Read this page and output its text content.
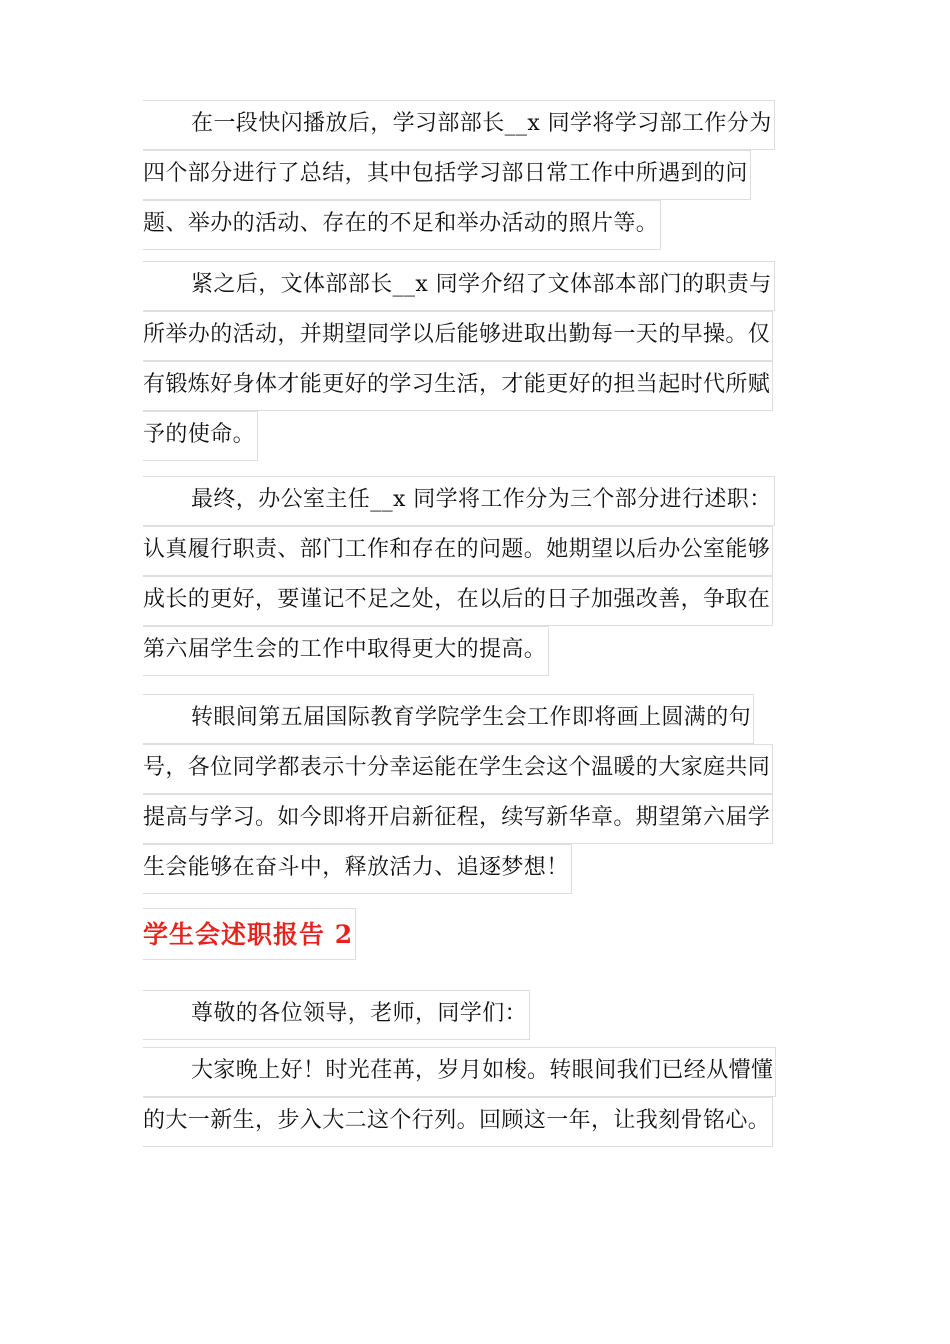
在一段快闪播放后，学习部部长__x 同学将学习部工作分为
四个部分进行了总结，其中包括学习部日常工作中所遇到的问
题、举办的活动、存在的不足和举办活动的照片等。
紧之后，文体部部长__x 同学介绍了文体部本部门的职责与
所举办的活动，并期望同学以后能够进取出勤每一天的早操。仅
有锻炼好身体才能更好的学习生活，才能更好的担当起时代所赋
予的使命。
最终，办公室主任__x 同学将工作分为三个部分进行述职：
认真履行职责、部门工作和存在的问题。她期望以后办公室能够
成长的更好，要谨记不足之处，在以后的日子加强改善，争取在
第六届学生会的工作中取得更大的提高。
转眼间第五届国际教育学院学生会工作即将画上圆满的句
号，各位同学都表示十分幸运能在学生会这个温暖的大家庭共同
提高与学习。如今即将开启新征程，续写新华章。期望第六届学
生会能够在奋斗中，释放活力、追逐梦想！
学生会述职报告 2
尊敬的各位领导，老师，同学们：
大家晚上好！时光荏苒，岁月如梭。转眼间我们已经从懵懂
的大一新生，步入大二这个行列。回顾这一年，让我刻骨铭心。
